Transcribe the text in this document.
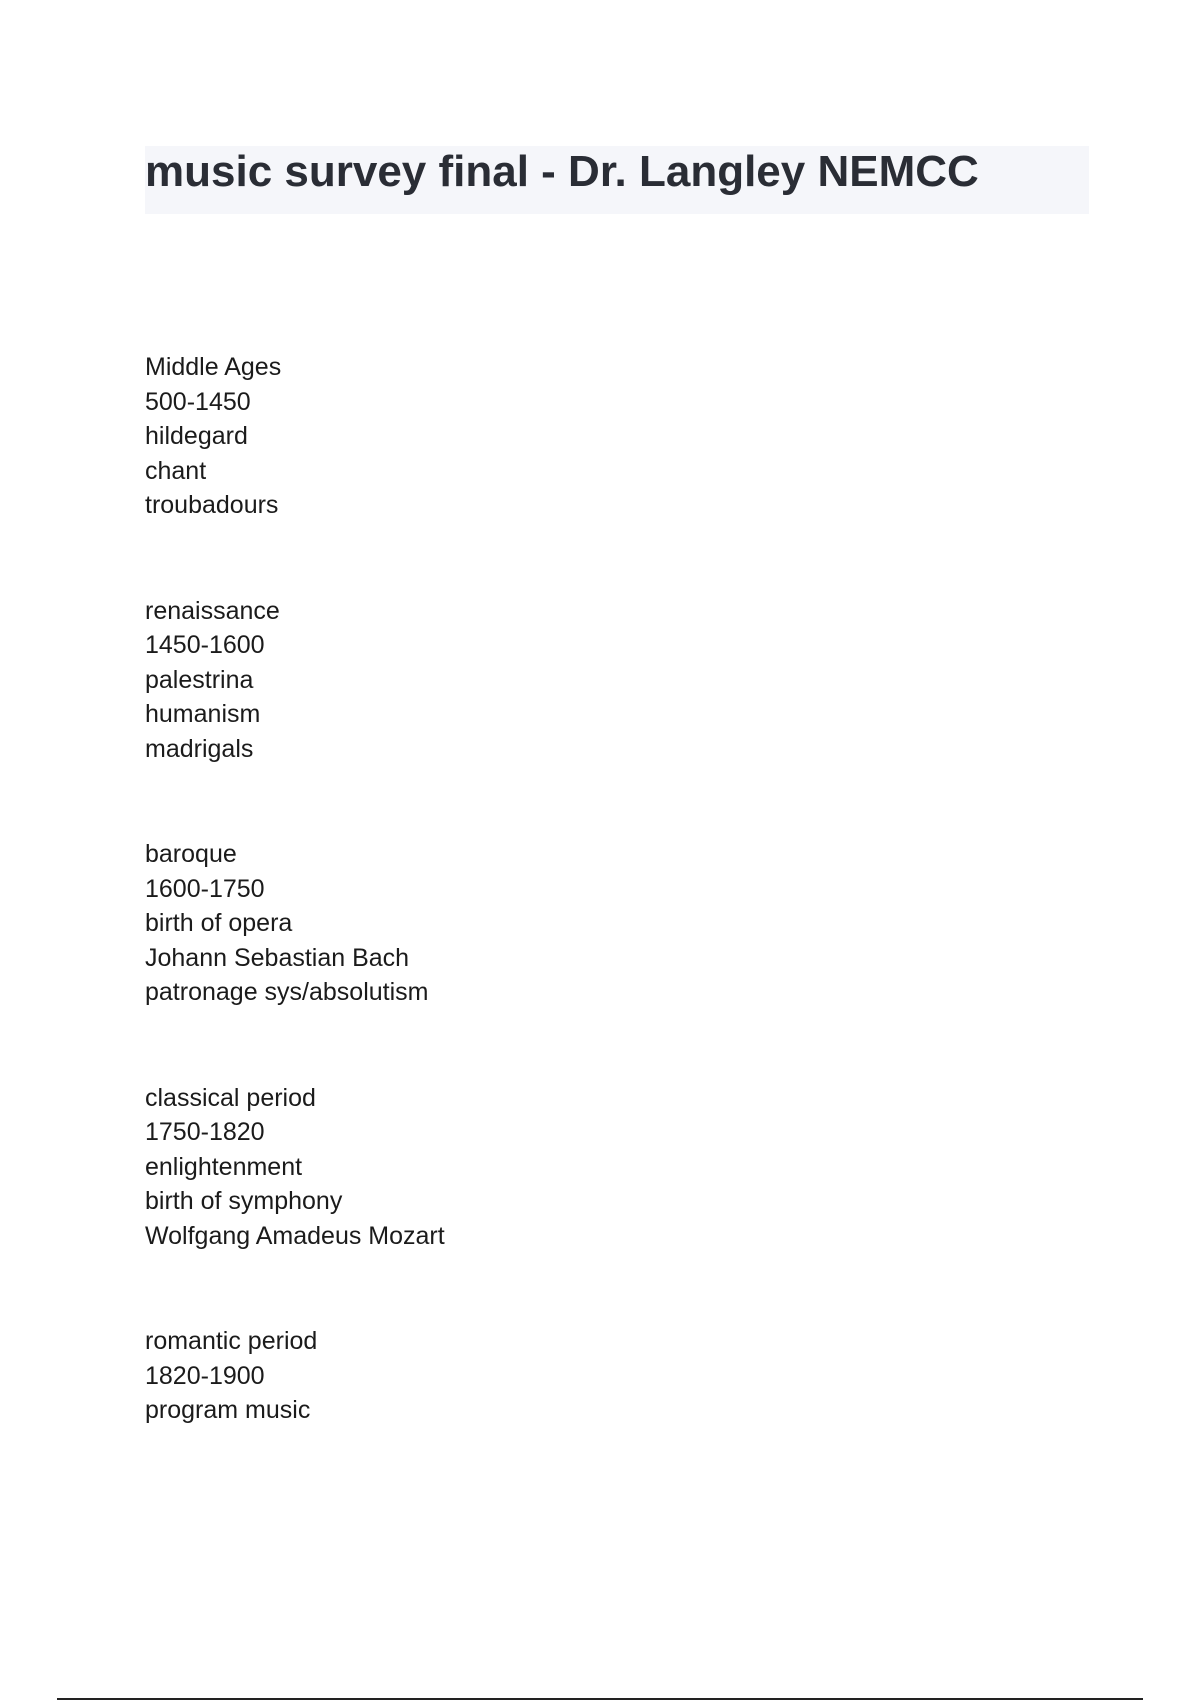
music survey final - Dr. Langley NEMCC
Middle Ages
500-1450
hildegard
chant
troubadours
renaissance
1450-1600
palestrina
humanism
madrigals
baroque
1600-1750
birth of opera
Johann Sebastian Bach
patronage sys/absolutism
classical period
1750-1820
enlightenment
birth of symphony
Wolfgang Amadeus Mozart
romantic period
1820-1900
program music
